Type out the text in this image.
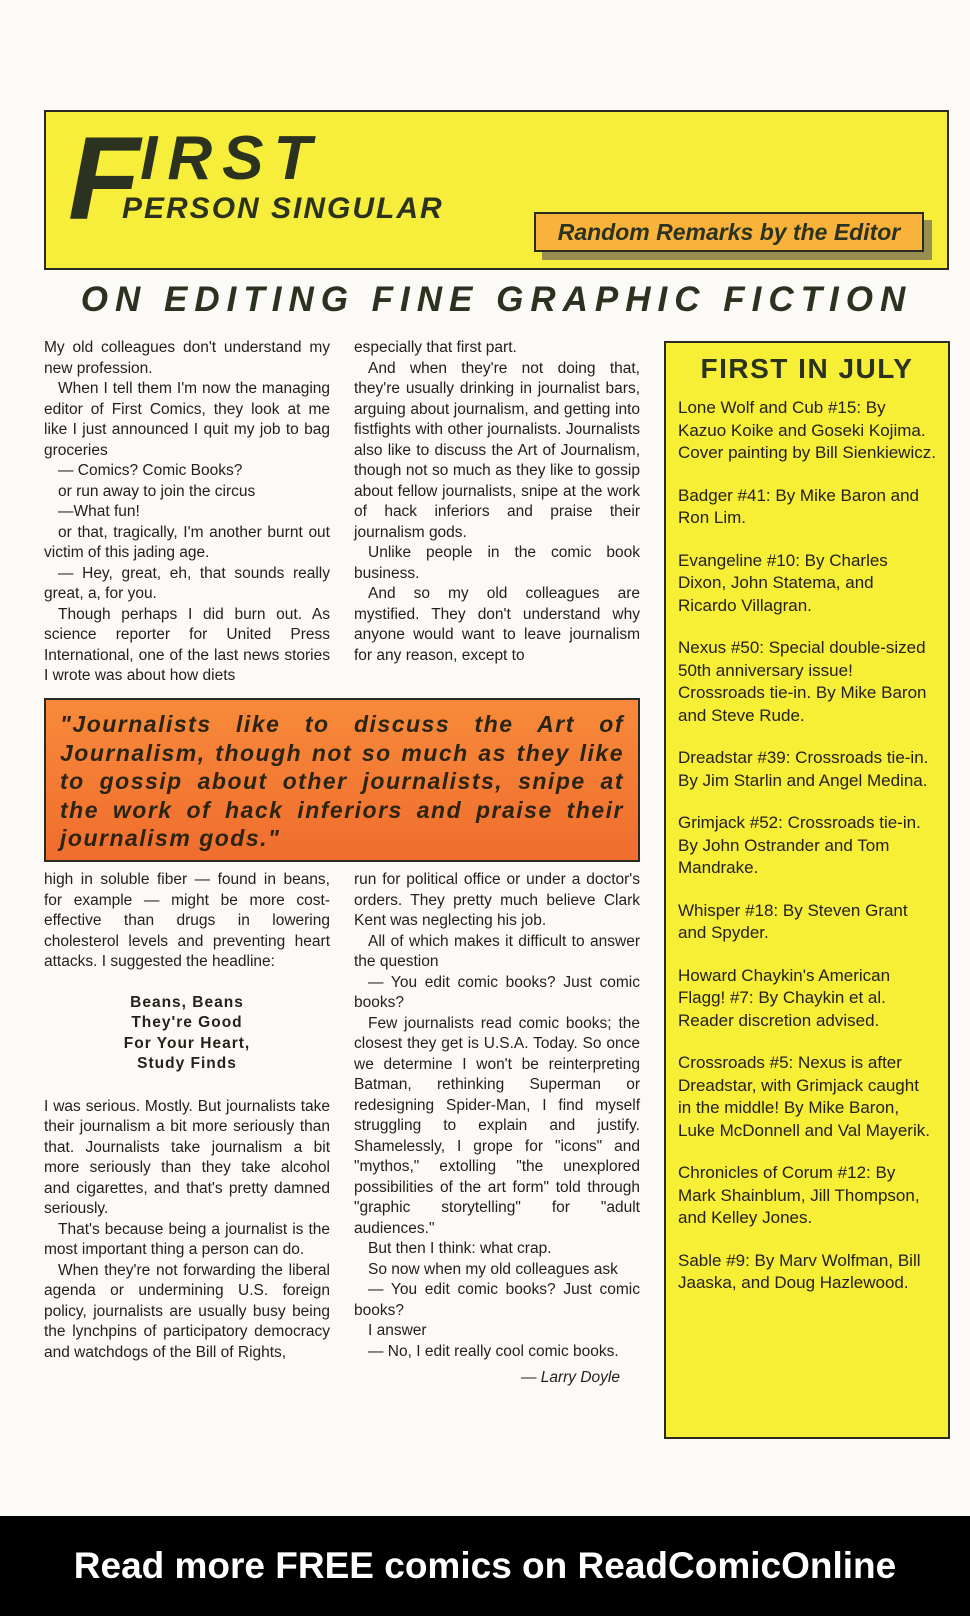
FIRST
PERSON SINGULAR
Random Remarks by the Editor
ON EDITING FINE GRAPHIC FICTION

My old colleagues don't understand my new profession.

When I tell them I'm now the managing editor of First Comics, they look at me like I just announced I quit my job to bag groceries

— Comics? Comic Books?

or run away to join the circus

—What fun!

or that, tragically, I'm another burnt out victim of this jading age.

— Hey, great, eh, that sounds really great, a, for you.

Though perhaps I did burn out. As science reporter for United Press International, one of the last news stories I wrote was about how diets

especially that first part.

And when they're not doing that, they're usually drinking in journalist bars, arguing about journalism, and getting into fistfights with other journalists. Journalists also like to discuss the Art of Journalism, though not so much as they like to gossip about fellow journalists, snipe at the work of hack inferiors and praise their journalism gods.

Unlike people in the comic book business.

And so my old colleagues are mystified. They don't understand why anyone would want to leave journalism for any reason, except to

"Journalists like to discuss the Art of Journalism, though not so much as they like to gossip about other journalists, snipe at the work of hack inferiors and praise their journalism gods."

high in soluble fiber — found in beans, for example — might be more cost-effective than drugs in lowering cholesterol levels and preventing heart attacks. I suggested the headline:

Beans, Beans
They're Good
For Your Heart,
Study Finds

I was serious. Mostly. But journalists take their journalism a bit more seriously than that. Journalists take journalism a bit more seriously than they take alcohol and cigarettes, and that's pretty damned seriously.

That's because being a journalist is the most important thing a person can do.

When they're not forwarding the liberal agenda or undermining U.S. foreign policy, journalists are usually busy being the lynchpins of participatory democracy and watchdogs of the Bill of Rights,

run for political office or under a doctor's orders. They pretty much believe Clark Kent was neglecting his job.

All of which makes it difficult to answer the question

— You edit comic books? Just comic books?

Few journalists read comic books; the closest they get is U.S.A. Today. So once we determine I won't be reinterpreting Batman, rethinking Superman or redesigning Spider-Man, I find myself struggling to explain and justify. Shamelessly, I grope for "icons" and "mythos," extolling "the unexplored possibilities of the art form" told through "graphic storytelling" for "adult audiences."

But then I think: what crap.

So now when my old colleagues ask

— You edit comic books? Just comic books?

I answer

— No, I edit really cool comic books.

— Larry Doyle

FIRST IN JULY
Lone Wolf and Cub #15: By Kazuo Koike and Goseki Kojima. Cover painting by Bill Sienkiewicz.
Badger #41: By Mike Baron and Ron Lim.
Evangeline #10: By Charles Dixon, John Statema, and Ricardo Villagran.
Nexus #50: Special double-sized 50th anniversary issue! Crossroads tie-in. By Mike Baron and Steve Rude.
Dreadstar #39: Crossroads tie-in. By Jim Starlin and Angel Medina.
Grimjack #52: Crossroads tie-in. By John Ostrander and Tom Mandrake.
Whisper #18: By Steven Grant and Spyder.
Howard Chaykin's American Flagg! #7: By Chaykin et al. Reader discretion advised.
Crossroads #5: Nexus is after Dreadstar, with Grimjack caught in the middle! By Mike Baron, Luke McDonnell and Val Mayerik.
Chronicles of Corum #12: By Mark Shainblum, Jill Thompson, and Kelley Jones.
Sable #9: By Marv Wolfman, Bill Jaaska, and Doug Hazlewood.
Read more FREE comics on ReadComicOnline
